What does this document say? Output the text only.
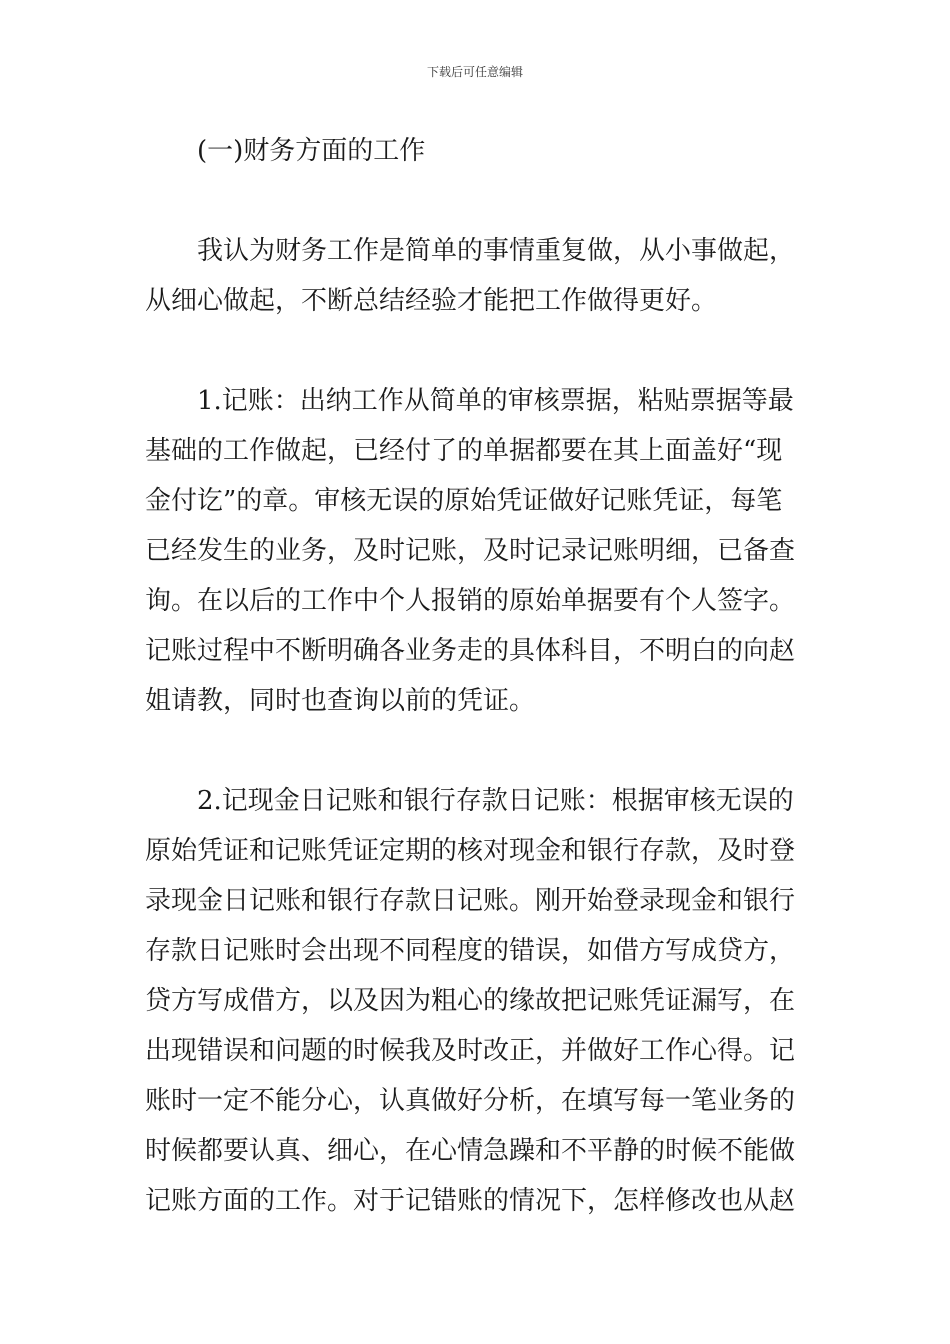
下载后可任意编辑
(一)财务方面的工作
我认为财务工作是简单的事情重复做，从小事做起，
从细心做起，不断总结经验才能把工作做得更好。
1.记账：出纳工作从简单的审核票据，粘贴票据等最
基础的工作做起，已经付了的单据都要在其上面盖好“现
金付讫”的章。审核无误的原始凭证做好记账凭证，每笔
已经发生的业务，及时记账，及时记录记账明细，已备查
询。在以后的工作中个人报销的原始单据要有个人签字。
记账过程中不断明确各业务走的具体科目，不明白的向赵
姐请教，同时也查询以前的凭证。
2.记现金日记账和银行存款日记账：根据审核无误的
原始凭证和记账凭证定期的核对现金和银行存款，及时登
录现金日记账和银行存款日记账。刚开始登录现金和银行
存款日记账时会出现不同程度的错误，如借方写成贷方，
贷方写成借方，以及因为粗心的缘故把记账凭证漏写，在
出现错误和问题的时候我及时改正，并做好工作心得。记
账时一定不能分心，认真做好分析，在填写每一笔业务的
时候都要认真、细心，在心情急躁和不平静的时候不能做
记账方面的工作。对于记错账的情况下，怎样修改也从赵
